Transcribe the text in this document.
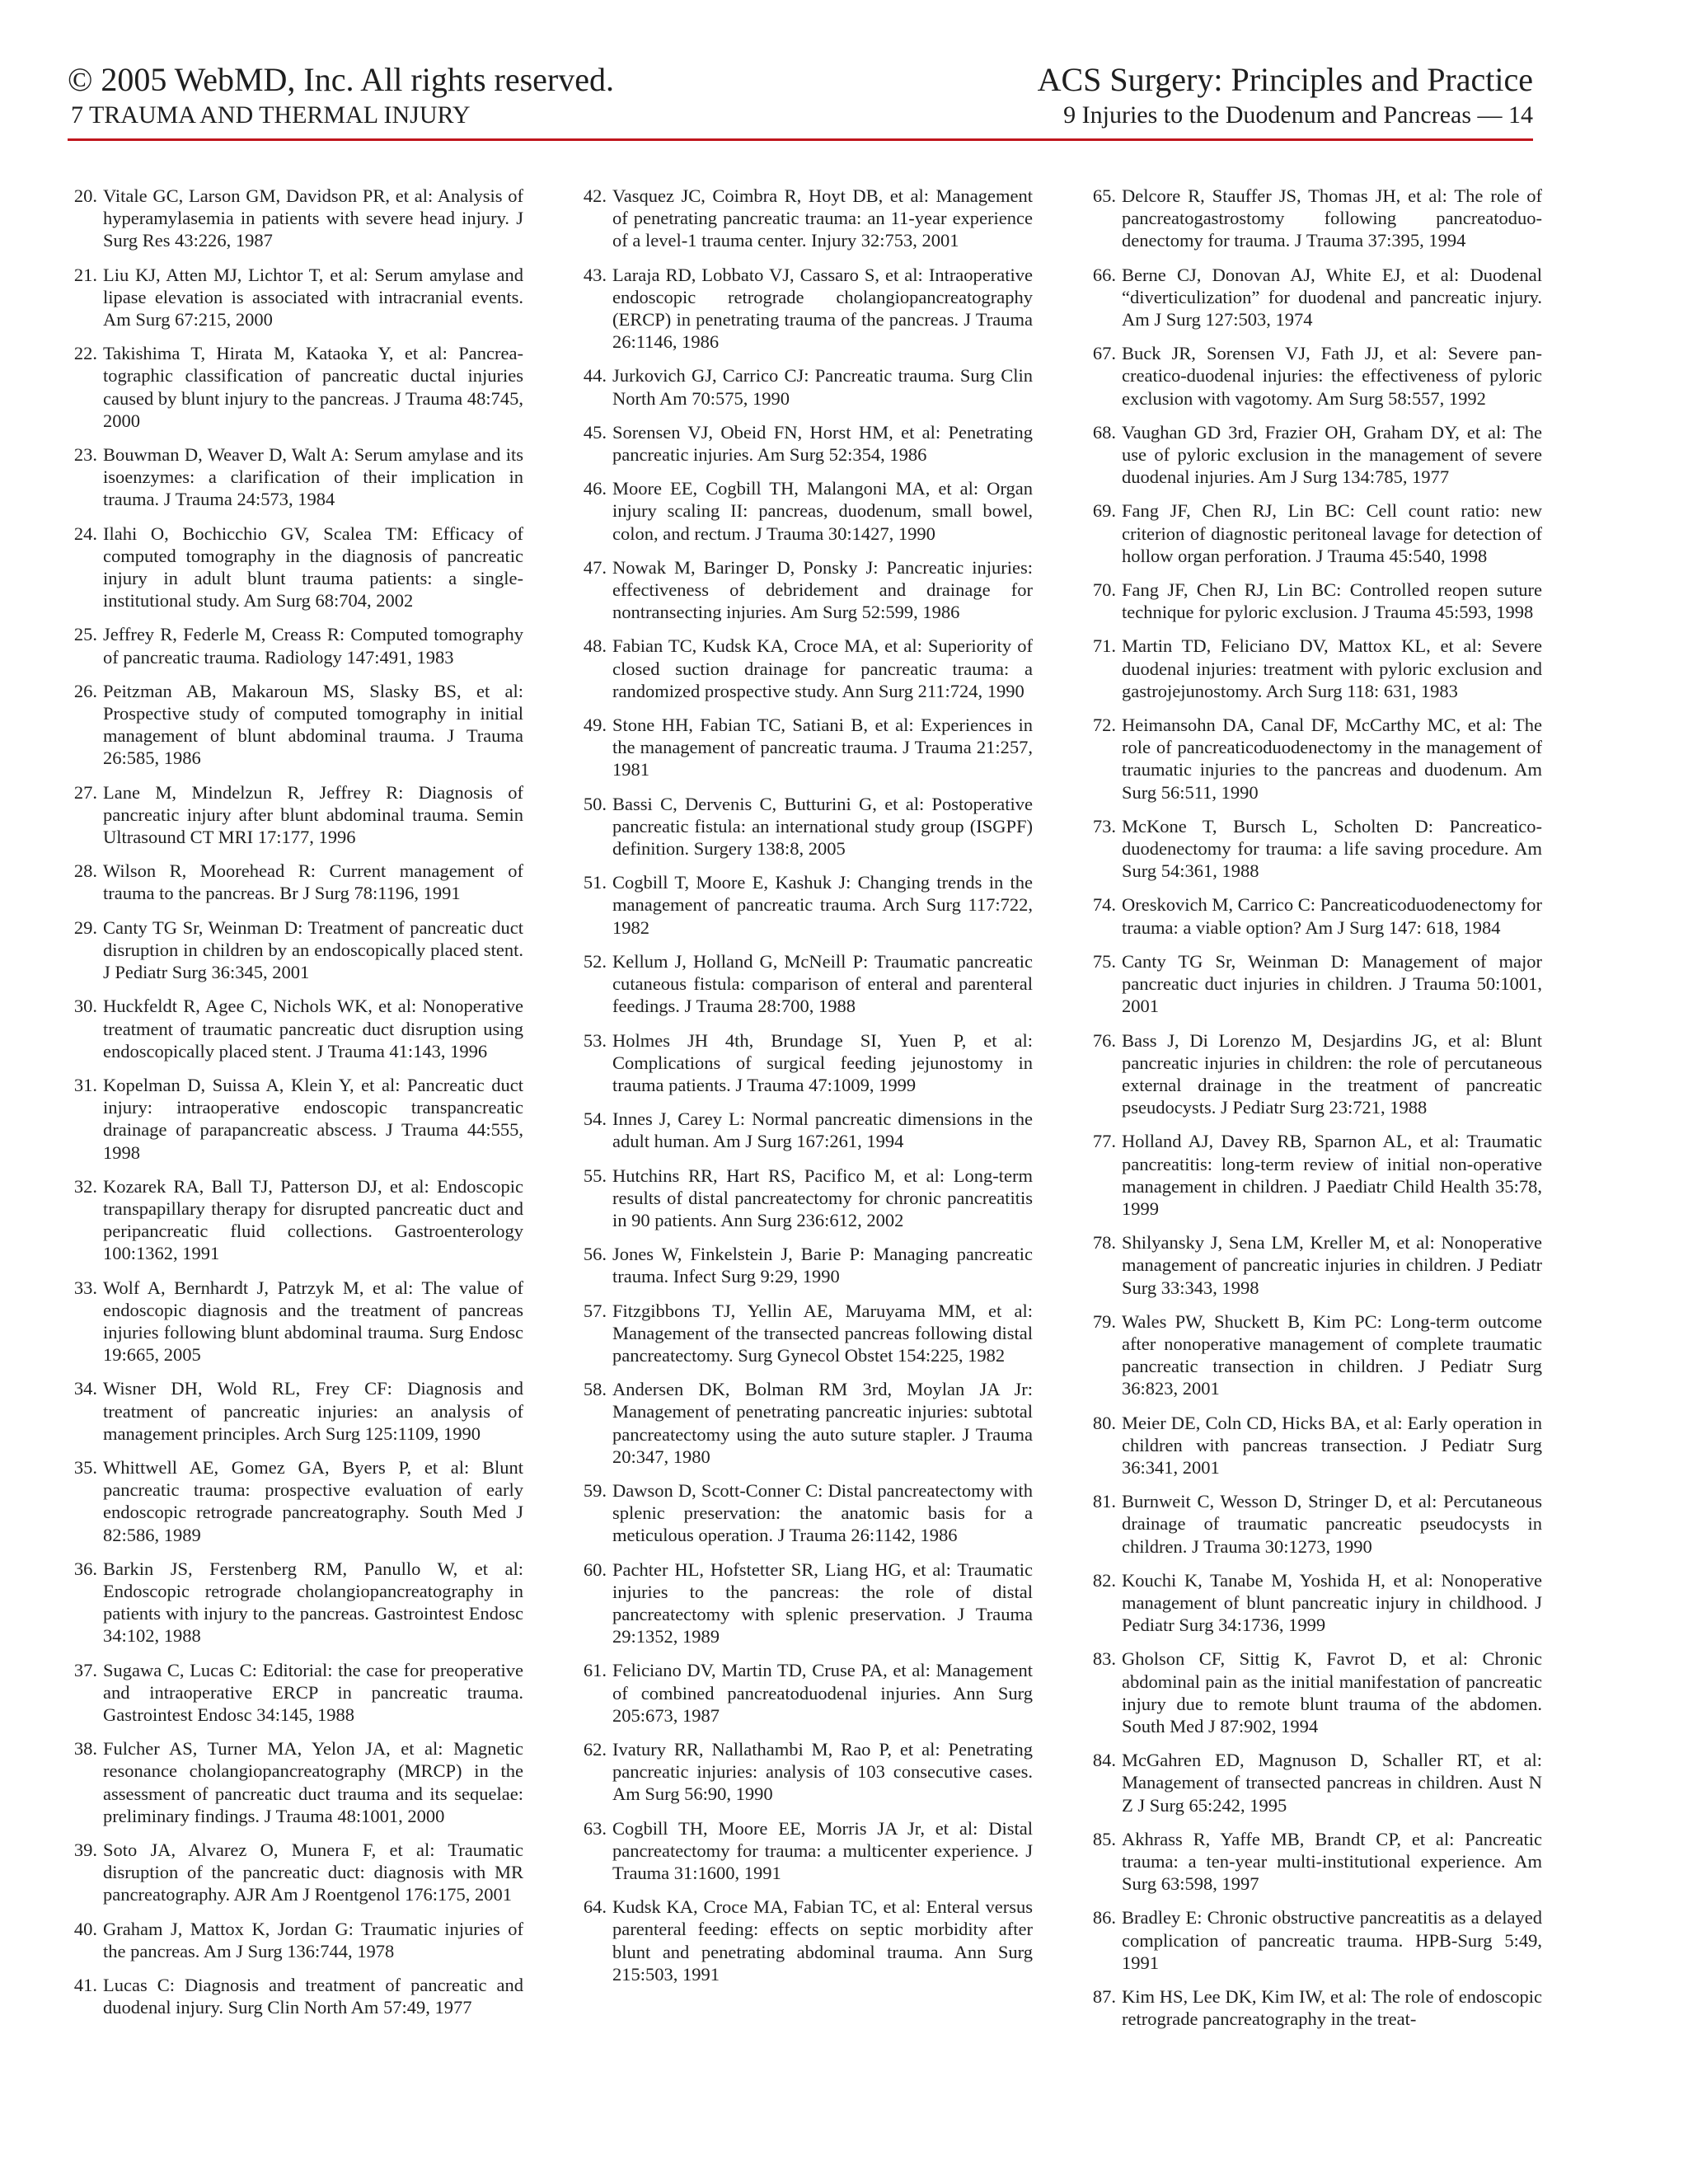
© 2005 WebMD, Inc. All rights reserved.	ACS Surgery: Principles and Practice
7 TRAUMA AND THERMAL INJURY	9 Injuries to the Duodenum and Pancreas — 14
20. Vitale GC, Larson GM, Davidson PR, et al: Analysis of hyperamylasemia in patients with severe head injury. J Surg Res 43:226, 1987
21. Liu KJ, Atten MJ, Lichtor T, et al: Serum amylase and lipase elevation is associated with intracranial events. Am Surg 67:215, 2000
22. Takishima T, Hirata M, Kataoka Y, et al: Pancreatographic classification of pancreatic ductal injuries caused by blunt injury to the pancreas. J Trauma 48:745, 2000
23. Bouwman D, Weaver D, Walt A: Serum amylase and its isoenzymes: a clarification of their implication in trauma. J Trauma 24:573, 1984
24. Ilahi O, Bochicchio GV, Scalea TM: Efficacy of computed tomography in the diagnosis of pancreatic injury in adult blunt trauma patients: a single-institutional study. Am Surg 68:704, 2002
25. Jeffrey R, Federle M, Creass R: Computed tomography of pancreatic trauma. Radiology 147:491, 1983
26. Peitzman AB, Makaroun MS, Slasky BS, et al: Prospective study of computed tomography in initial management of blunt abdominal trauma. J Trauma 26:585, 1986
27. Lane M, Mindelzun R, Jeffrey R: Diagnosis of pancreatic injury after blunt abdominal trauma. Semin Ultrasound CT MRI 17:177, 1996
28. Wilson R, Moorehead R: Current management of trauma to the pancreas. Br J Surg 78:1196, 1991
29. Canty TG Sr, Weinman D: Treatment of pancreatic duct disruption in children by an endoscopically placed stent. J Pediatr Surg 36:345, 2001
30. Huckfeldt R, Agee C, Nichols WK, et al: Nonoperative treatment of traumatic pancreatic duct disruption using endoscopically placed stent. J Trauma 41:143, 1996
31. Kopelman D, Suissa A, Klein Y, et al: Pancreatic duct injury: intraoperative endoscopic transpancreatic drainage of parapancreatic abscess. J Trauma 44:555, 1998
32. Kozarek RA, Ball TJ, Patterson DJ, et al: Endoscopic transpapillary therapy for disrupted pancreatic duct and peripancreatic fluid collections. Gastroenterology 100:1362, 1991
33. Wolf A, Bernhardt J, Patrzyk M, et al: The value of endoscopic diagnosis and the treatment of pancreas injuries following blunt abdominal trauma. Surg Endosc 19:665, 2005
34. Wisner DH, Wold RL, Frey CF: Diagnosis and treatment of pancreatic injuries: an analysis of management principles. Arch Surg 125:1109, 1990
35. Whittwell AE, Gomez GA, Byers P, et al: Blunt pancreatic trauma: prospective evaluation of early endoscopic retrograde pancreatography. South Med J 82:586, 1989
36. Barkin JS, Ferstenberg RM, Panullo W, et al: Endoscopic retrograde cholangiopancreatography in patients with injury to the pancreas. Gastrointest Endosc 34:102, 1988
37. Sugawa C, Lucas C: Editorial: the case for preoperative and intraoperative ERCP in pancreatic trauma. Gastrointest Endosc 34:145, 1988
38. Fulcher AS, Turner MA, Yelon JA, et al: Magnetic resonance cholangiopancreatography (MRCP) in the assessment of pancreatic duct trauma and its sequelae: preliminary findings. J Trauma 48:1001, 2000
39. Soto JA, Alvarez O, Munera F, et al: Traumatic disruption of the pancreatic duct: diagnosis with MR pancreatography. AJR Am J Roentgenol 176:175, 2001
40. Graham J, Mattox K, Jordan G: Traumatic injuries of the pancreas. Am J Surg 136:744, 1978
41. Lucas C: Diagnosis and treatment of pancreatic and duodenal injury. Surg Clin North Am 57:49, 1977
42. Vasquez JC, Coimbra R, Hoyt DB, et al: Management of penetrating pancreatic trauma: an 11-year experience of a level-1 trauma center. Injury 32:753, 2001
43. Laraja RD, Lobbato VJ, Cassaro S, et al: Intraoperative endoscopic retrograde cholangiopancreatography (ERCP) in penetrating trauma of the pancreas. J Trauma 26:1146, 1986
44. Jurkovich GJ, Carrico CJ: Pancreatic trauma. Surg Clin North Am 70:575, 1990
45. Sorensen VJ, Obeid FN, Horst HM, et al: Penetrating pancreatic injuries. Am Surg 52:354, 1986
46. Moore EE, Cogbill TH, Malangoni MA, et al: Organ injury scaling II: pancreas, duodenum, small bowel, colon, and rectum. J Trauma 30:1427, 1990
47. Nowak M, Baringer D, Ponsky J: Pancreatic injuries: effectiveness of debridement and drainage for nontransecting injuries. Am Surg 52:599, 1986
48. Fabian TC, Kudsk KA, Croce MA, et al: Superiority of closed suction drainage for pancreatic trauma: a randomized prospective study. Ann Surg 211:724, 1990
49. Stone HH, Fabian TC, Satiani B, et al: Experiences in the management of pancreatic trauma. J Trauma 21:257, 1981
50. Bassi C, Dervenis C, Butturini G, et al: Postoperative pancreatic fistula: an international study group (ISGPF) definition. Surgery 138:8, 2005
51. Cogbill T, Moore E, Kashuk J: Changing trends in the management of pancreatic trauma. Arch Surg 117:722, 1982
52. Kellum J, Holland G, McNeill P: Traumatic pancreatic cutaneous fistula: comparison of enteral and parenteral feedings. J Trauma 28:700, 1988
53. Holmes JH 4th, Brundage SI, Yuen P, et al: Complications of surgical feeding jejunostomy in trauma patients. J Trauma 47:1009, 1999
54. Innes J, Carey L: Normal pancreatic dimensions in the adult human. Am J Surg 167:261, 1994
55. Hutchins RR, Hart RS, Pacifico M, et al: Long-term results of distal pancreatectomy for chronic pancreatitis in 90 patients. Ann Surg 236:612, 2002
56. Jones W, Finkelstein J, Barie P: Managing pancreatic trauma. Infect Surg 9:29, 1990
57. Fitzgibbons TJ, Yellin AE, Maruyama MM, et al: Management of the transected pancreas following distal pancreatectomy. Surg Gynecol Obstet 154:225, 1982
58. Andersen DK, Bolman RM 3rd, Moylan JA Jr: Management of penetrating pancreatic injuries: subtotal pancreatectomy using the auto suture stapler. J Trauma 20:347, 1980
59. Dawson D, Scott-Conner C: Distal pancreatectomy with splenic preservation: the anatomic basis for a meticulous operation. J Trauma 26:1142, 1986
60. Pachter HL, Hofstetter SR, Liang HG, et al: Traumatic injuries to the pancreas: the role of distal pancreatectomy with splenic preservation. J Trauma 29:1352, 1989
61. Feliciano DV, Martin TD, Cruse PA, et al: Management of combined pancreatoduodenal injuries. Ann Surg 205:673, 1987
62. Ivatury RR, Nallathambi M, Rao P, et al: Penetrating pancreatic injuries: analysis of 103 consecutive cases. Am Surg 56:90, 1990
63. Cogbill TH, Moore EE, Morris JA Jr, et al: Distal pancreatectomy for trauma: a multicenter experience. J Trauma 31:1600, 1991
64. Kudsk KA, Croce MA, Fabian TC, et al: Enteral versus parenteral feeding: effects on septic morbidity after blunt and penetrating abdominal trauma. Ann Surg 215:503, 1991
65. Delcore R, Stauffer JS, Thomas JH, et al: The role of pancreatogastrostomy following pancreatoduodenectomy for trauma. J Trauma 37:395, 1994
66. Berne CJ, Donovan AJ, White EJ, et al: Duodenal “diverticulization” for duodenal and pancreatic injury. Am J Surg 127:503, 1974
67. Buck JR, Sorensen VJ, Fath JJ, et al: Severe pancreatico-duodenal injuries: the effectiveness of pyloric exclusion with vagotomy. Am Surg 58:557, 1992
68. Vaughan GD 3rd, Frazier OH, Graham DY, et al: The use of pyloric exclusion in the management of severe duodenal injuries. Am J Surg 134:785, 1977
69. Fang JF, Chen RJ, Lin BC: Cell count ratio: new criterion of diagnostic peritoneal lavage for detection of hollow organ perforation. J Trauma 45:540, 1998
70. Fang JF, Chen RJ, Lin BC: Controlled reopen suture technique for pyloric exclusion. J Trauma 45:593, 1998
71. Martin TD, Feliciano DV, Mattox KL, et al: Severe duodenal injuries: treatment with pyloric exclusion and gastrojejunostomy. Arch Surg 118: 631, 1983
72. Heimansohn DA, Canal DF, McCarthy MC, et al: The role of pancreaticoduodenectomy in the management of traumatic injuries to the pancreas and duodenum. Am Surg 56:511, 1990
73. McKone T, Bursch L, Scholten D: Pancreaticoduodenectomy for trauma: a life saving procedure. Am Surg 54:361, 1988
74. Oreskovich M, Carrico C: Pancreaticoduodenectomy for trauma: a viable option? Am J Surg 147: 618, 1984
75. Canty TG Sr, Weinman D: Management of major pancreatic duct injuries in children. J Trauma 50:1001, 2001
76. Bass J, Di Lorenzo M, Desjardins JG, et al: Blunt pancreatic injuries in children: the role of percutaneous external drainage in the treatment of pancreatic pseudocysts. J Pediatr Surg 23:721, 1988
77. Holland AJ, Davey RB, Sparnon AL, et al: Traumatic pancreatitis: long-term review of initial non-operative management in children. J Paediatr Child Health 35:78, 1999
78. Shilyansky J, Sena LM, Kreller M, et al: Nonoperative management of pancreatic injuries in children. J Pediatr Surg 33:343, 1998
79. Wales PW, Shuckett B, Kim PC: Long-term outcome after nonoperative management of complete traumatic pancreatic transection in children. J Pediatr Surg 36:823, 2001
80. Meier DE, Coln CD, Hicks BA, et al: Early operation in children with pancreas transection. J Pediatr Surg 36:341, 2001
81. Burnweit C, Wesson D, Stringer D, et al: Percutaneous drainage of traumatic pancreatic pseudocysts in children. J Trauma 30:1273, 1990
82. Kouchi K, Tanabe M, Yoshida H, et al: Nonoperative management of blunt pancreatic injury in childhood. J Pediatr Surg 34:1736, 1999
83. Gholson CF, Sittig K, Favrot D, et al: Chronic abdominal pain as the initial manifestation of pancreatic injury due to remote blunt trauma of the abdomen. South Med J 87:902, 1994
84. McGahren ED, Magnuson D, Schaller RT, et al: Management of transected pancreas in children. Aust N Z J Surg 65:242, 1995
85. Akhrass R, Yaffe MB, Brandt CP, et al: Pancreatic trauma: a ten-year multi-institutional experience. Am Surg 63:598, 1997
86. Bradley E: Chronic obstructive pancreatitis as a delayed complication of pancreatic trauma. HPB-Surg 5:49, 1991
87. Kim HS, Lee DK, Kim IW, et al: The role of endoscopic retrograde pancreatography in the treat-
